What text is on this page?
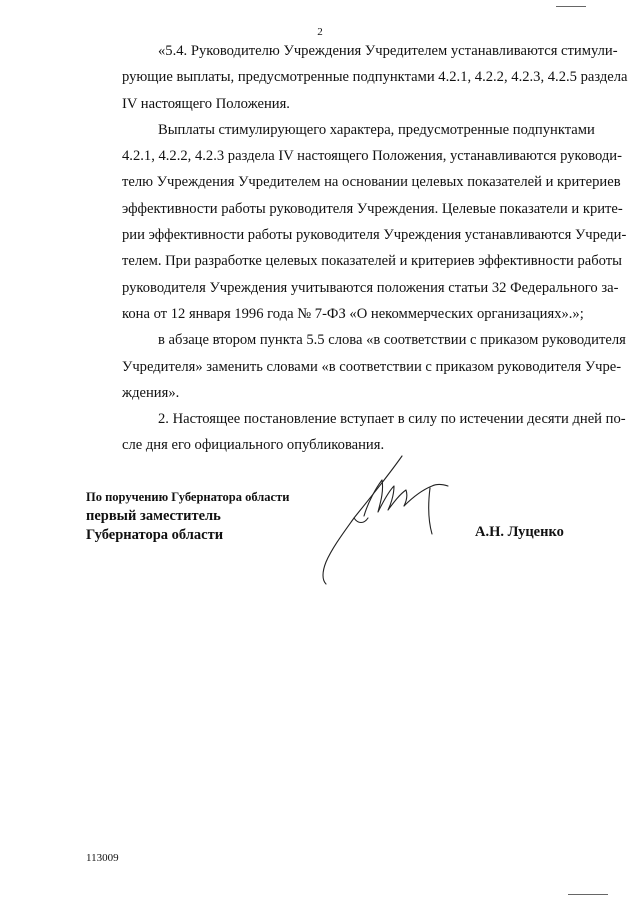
2

«5.4. Руководителю Учреждения Учредителем устанавливаются стимули-
рующие выплаты, предусмотренные подпунктами 4.2.1, 4.2.2, 4.2.3, 4.2.5 раздела
IV настоящего Положения.

Выплаты стимулирующего характера, предусмотренные подпунктами
4.2.1, 4.2.2, 4.2.3 раздела IV настоящего Положения, устанавливаются руководи-
телю Учреждения Учредителем на основании целевых показателей и критериев
эффективности работы руководителя Учреждения. Целевые показатели и крите-
рии эффективности работы руководителя Учреждения устанавливаются Учреди-
телем. При разработке целевых показателей и критериев эффективности работы
руководителя Учреждения учитываются положения статьи 32 Федерального за-
кона от 12 января 1996 года № 7-ФЗ «О некоммерческих организациях».»;

в абзаце втором пункта 5.5 слова «в соответствии с приказом руководителя
Учредителя» заменить словами «в соответствии с приказом руководителя Учре-
ждения».

2. Настоящее постановление вступает в силу по истечении десяти дней по-
сле дня его официального опубликования.

По поручению Губернатора области
первый заместитель
Губернатора области	А.Н. Луценко
113009
